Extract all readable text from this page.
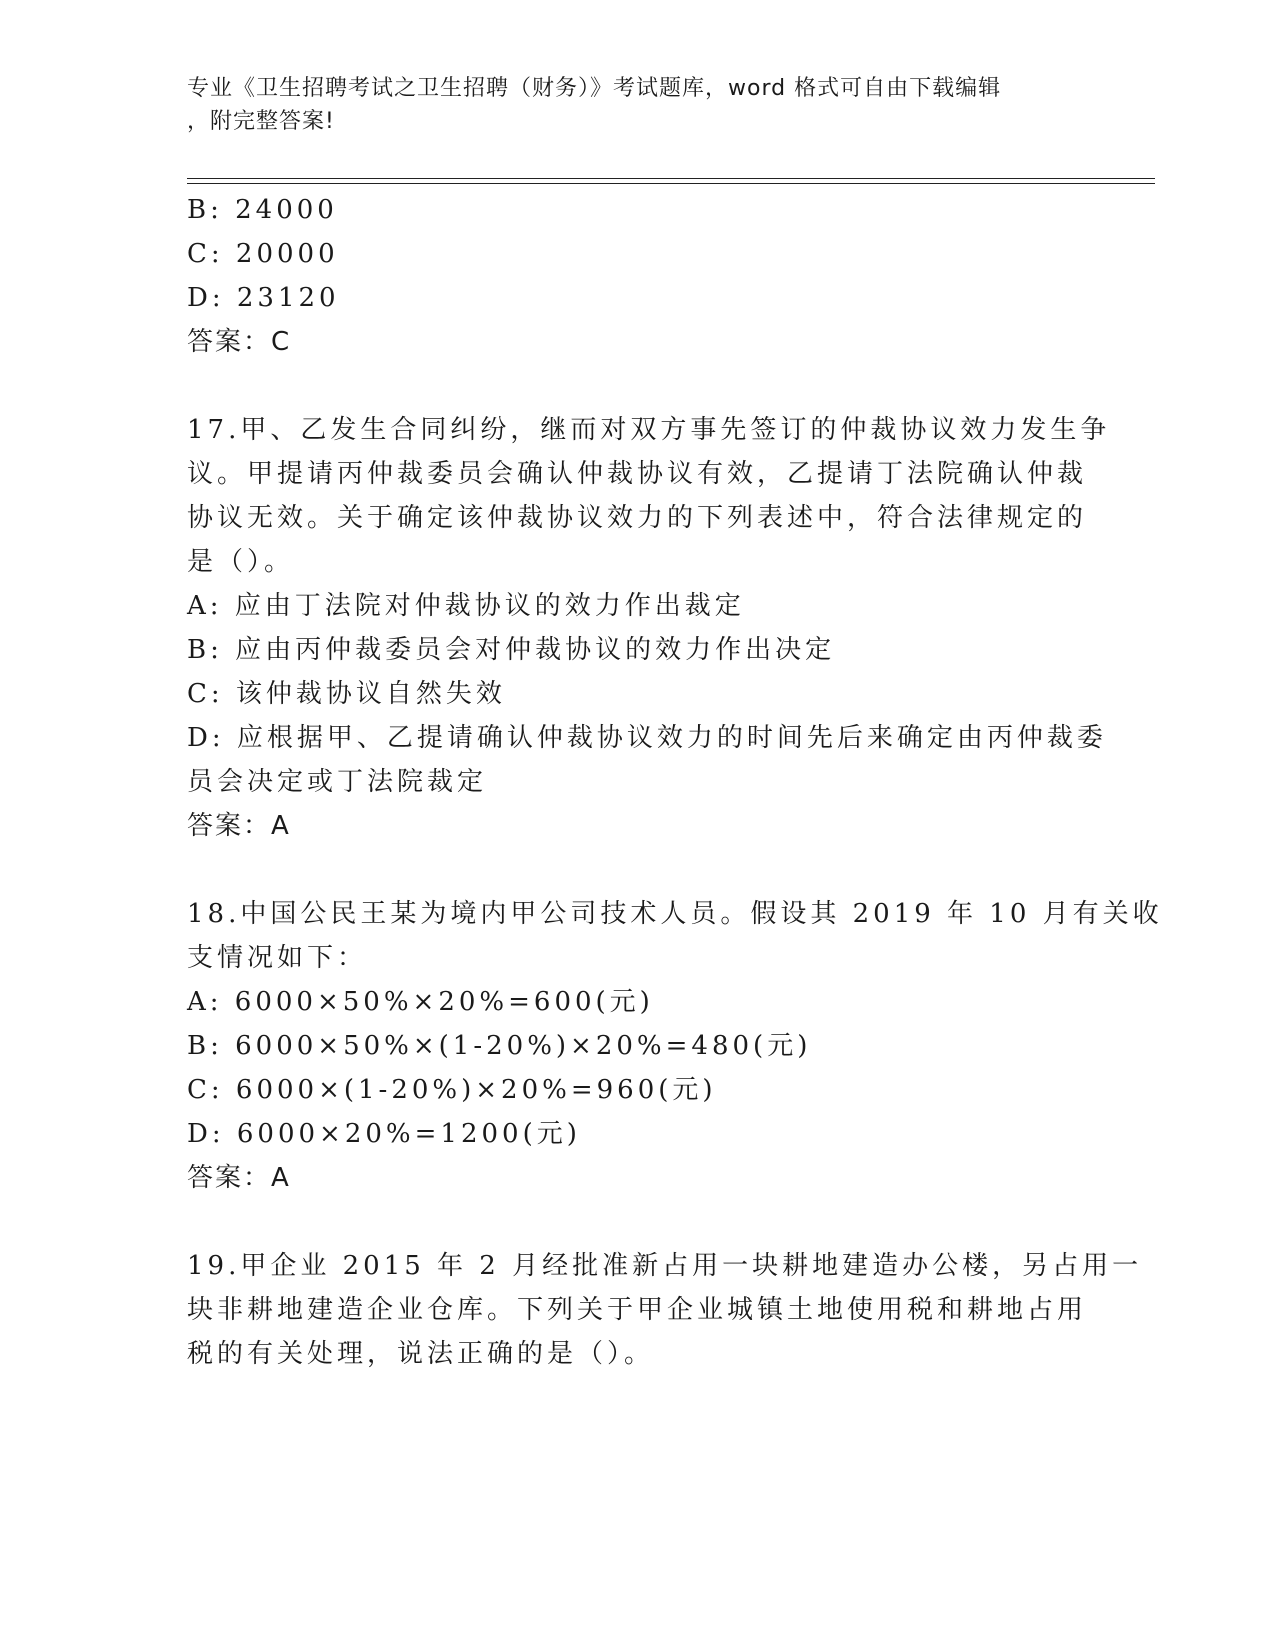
专业《卫生招聘考试之卫生招聘（财务）》考试题库，word 格式可自由下载编辑
，附完整答案!
B: 24000
C: 20000
D: 23120
答案：C
17.甲、乙发生合同纠纷，继而对双方事先签订的仲裁协议效力发生争
议。甲提请丙仲裁委员会确认仲裁协议有效，乙提请丁法院确认仲裁
协议无效。关于确定该仲裁协议效力的下列表述中，符合法律规定的
是（）。
A: 应由丁法院对仲裁协议的效力作出裁定
B: 应由丙仲裁委员会对仲裁协议的效力作出决定
C: 该仲裁协议自然失效
D: 应根据甲、乙提请确认仲裁协议效力的时间先后来确定由丙仲裁委
员会决定或丁法院裁定
答案：A
18.中国公民王某为境内甲公司技术人员。假设其 2019 年 10 月有关收
支情况如下：
A: 6000×50%×20%=600(元)
B: 6000×50%×(1-20%)×20%=480(元)
C: 6000×(1-20%)×20%=960(元)
D: 6000×20%=1200(元)
答案：A
19.甲企业 2015 年 2 月经批准新占用一块耕地建造办公楼，另占用一
块非耕地建造企业仓库。下列关于甲企业城镇土地使用税和耕地占用
税的有关处理，说法正确的是（）。
